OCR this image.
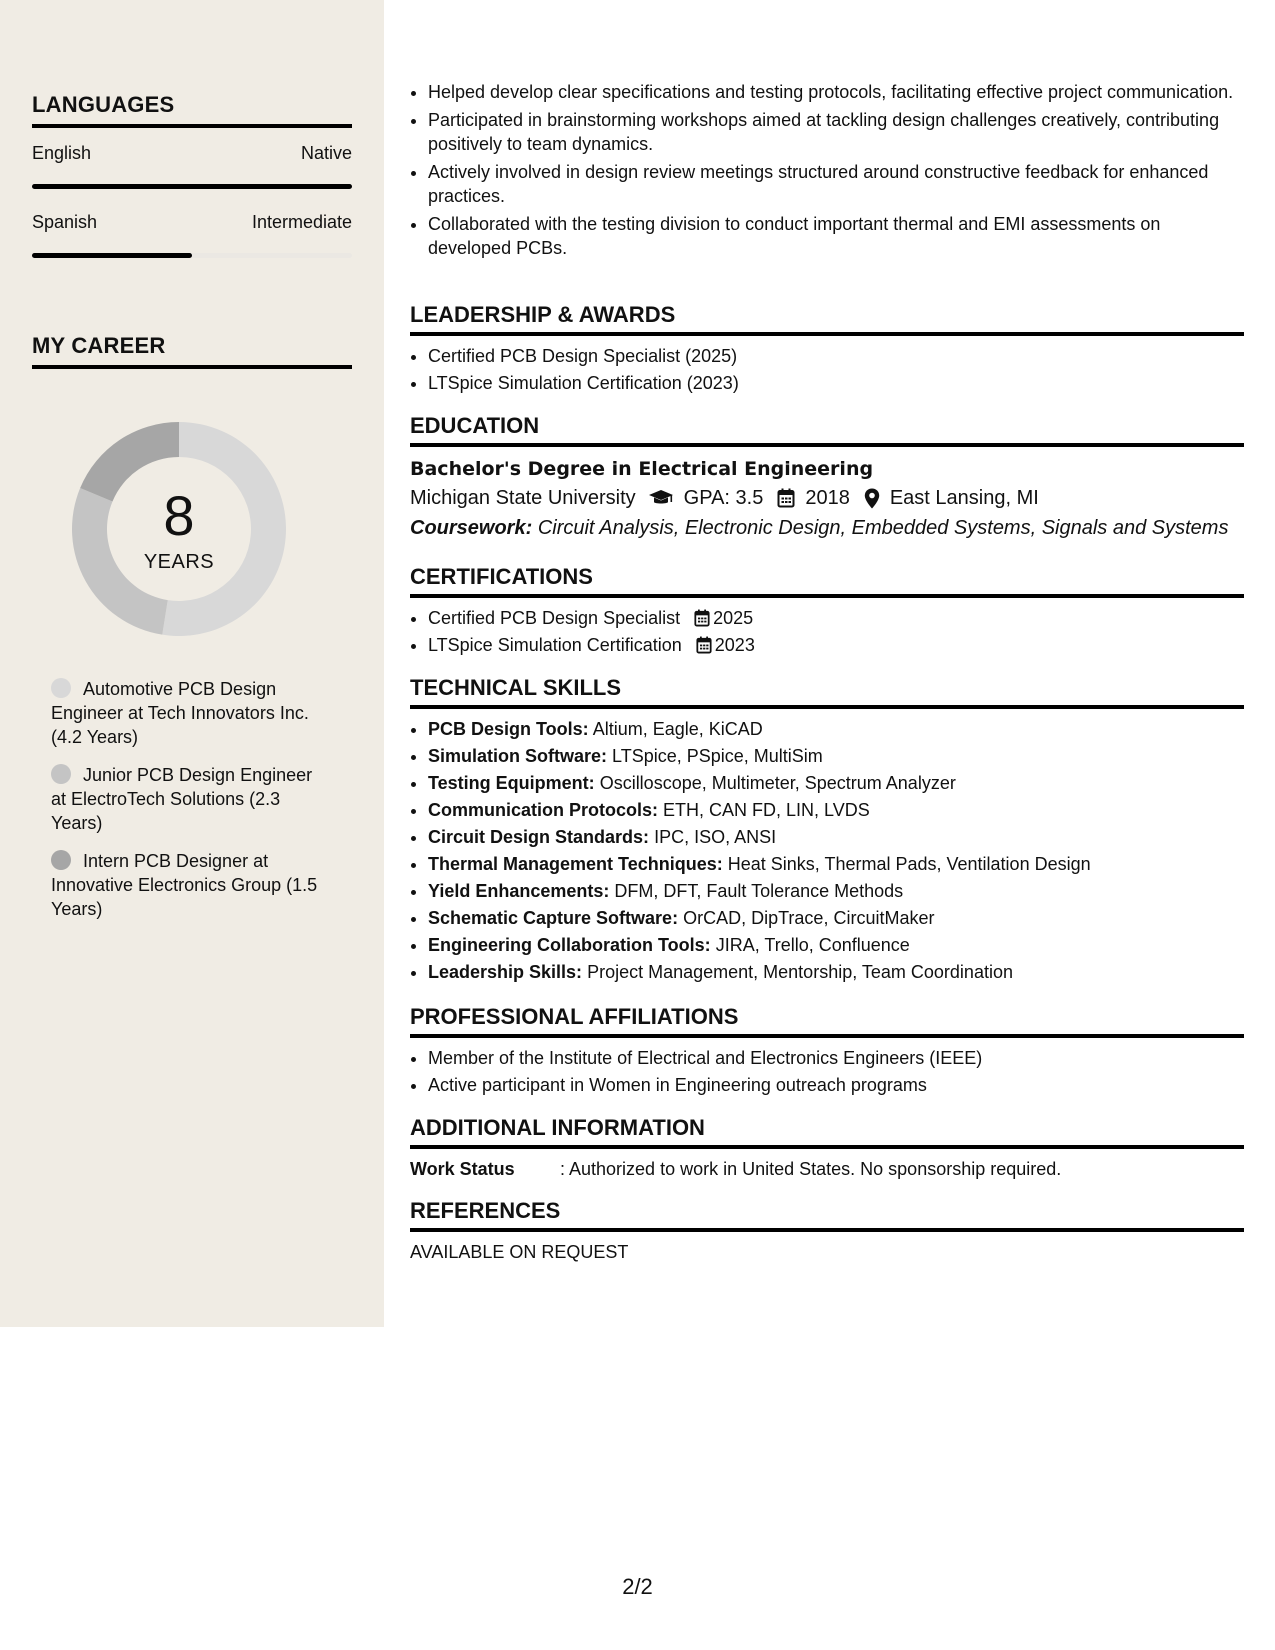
LANGUAGES
English	Native
Spanish	Intermediate
MY CAREER
8
YEARS
Automotive PCB Design Engineer at Tech Innovators Inc. (4.2 Years)
Junior PCB Design Engineer at ElectroTech Solutions (2.3 Years)
Intern PCB Designer at Innovative Electronics Group (1.5 Years)
• Helped develop clear specifications and testing protocols, facilitating effective project communication.
• Participated in brainstorming workshops aimed at tackling design challenges creatively, contributing positively to team dynamics.
• Actively involved in design review meetings structured around constructive feedback for enhanced practices.
• Collaborated with the testing division to conduct important thermal and EMI assessments on developed PCBs.
LEADERSHIP & AWARDS
• Certified PCB Design Specialist (2025)
• LTSpice Simulation Certification (2023)
EDUCATION
Bachelor's Degree in Electrical Engineering
Michigan State University GPA: 3.5 2018 East Lansing, MI
Coursework: Circuit Analysis, Electronic Design, Embedded Systems, Signals and Systems
CERTIFICATIONS
• Certified PCB Design Specialist 2025
• LTSpice Simulation Certification 2023
TECHNICAL SKILLS
• PCB Design Tools: Altium, Eagle, KiCAD
• Simulation Software: LTSpice, PSpice, MultiSim
• Testing Equipment: Oscilloscope, Multimeter, Spectrum Analyzer
• Communication Protocols: ETH, CAN FD, LIN, LVDS
• Circuit Design Standards: IPC, ISO, ANSI
• Thermal Management Techniques: Heat Sinks, Thermal Pads, Ventilation Design
• Yield Enhancements: DFM, DFT, Fault Tolerance Methods
• Schematic Capture Software: OrCAD, DipTrace, CircuitMaker
• Engineering Collaboration Tools: JIRA, Trello, Confluence
• Leadership Skills: Project Management, Mentorship, Team Coordination
PROFESSIONAL AFFILIATIONS
• Member of the Institute of Electrical and Electronics Engineers (IEEE)
• Active participant in Women in Engineering outreach programs
ADDITIONAL INFORMATION
Work Status	: Authorized to work in United States. No sponsorship required.
REFERENCES
AVAILABLE ON REQUEST
2/2
